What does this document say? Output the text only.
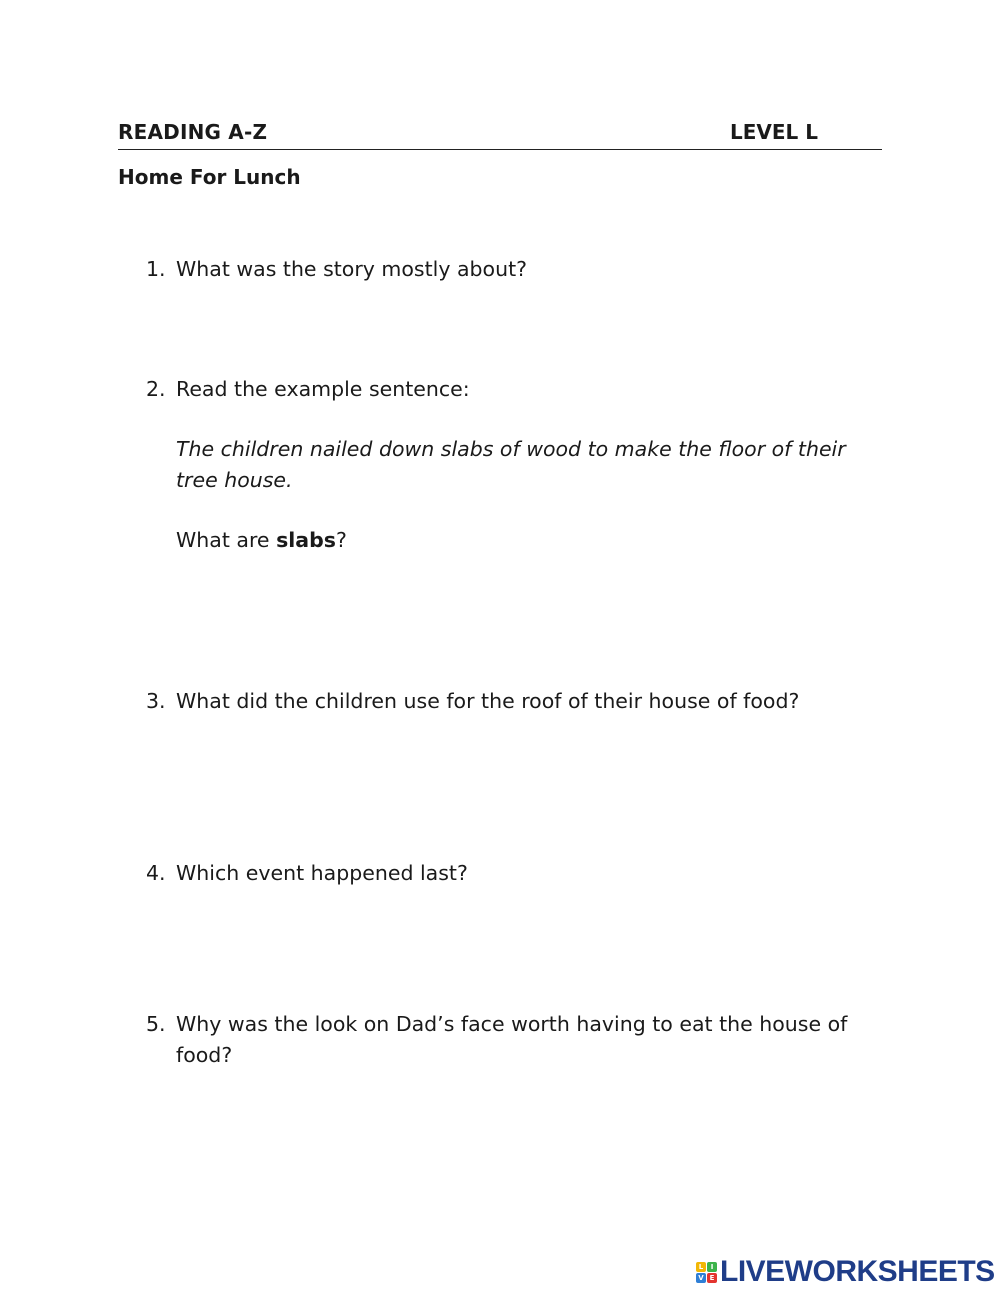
READING A-Z	LEVEL L
Home For Lunch
1. What was the story mostly about?
2. Read the example sentence:
The children nailed down slabs of wood to make the floor of their tree house.
What are slabs?
3. What did the children use for the roof of their house of food?
4. Which event happened last?
5. Why was the look on Dad’s face worth having to eat the house of food?
L	I
V E LIVEWORKSHEETS
